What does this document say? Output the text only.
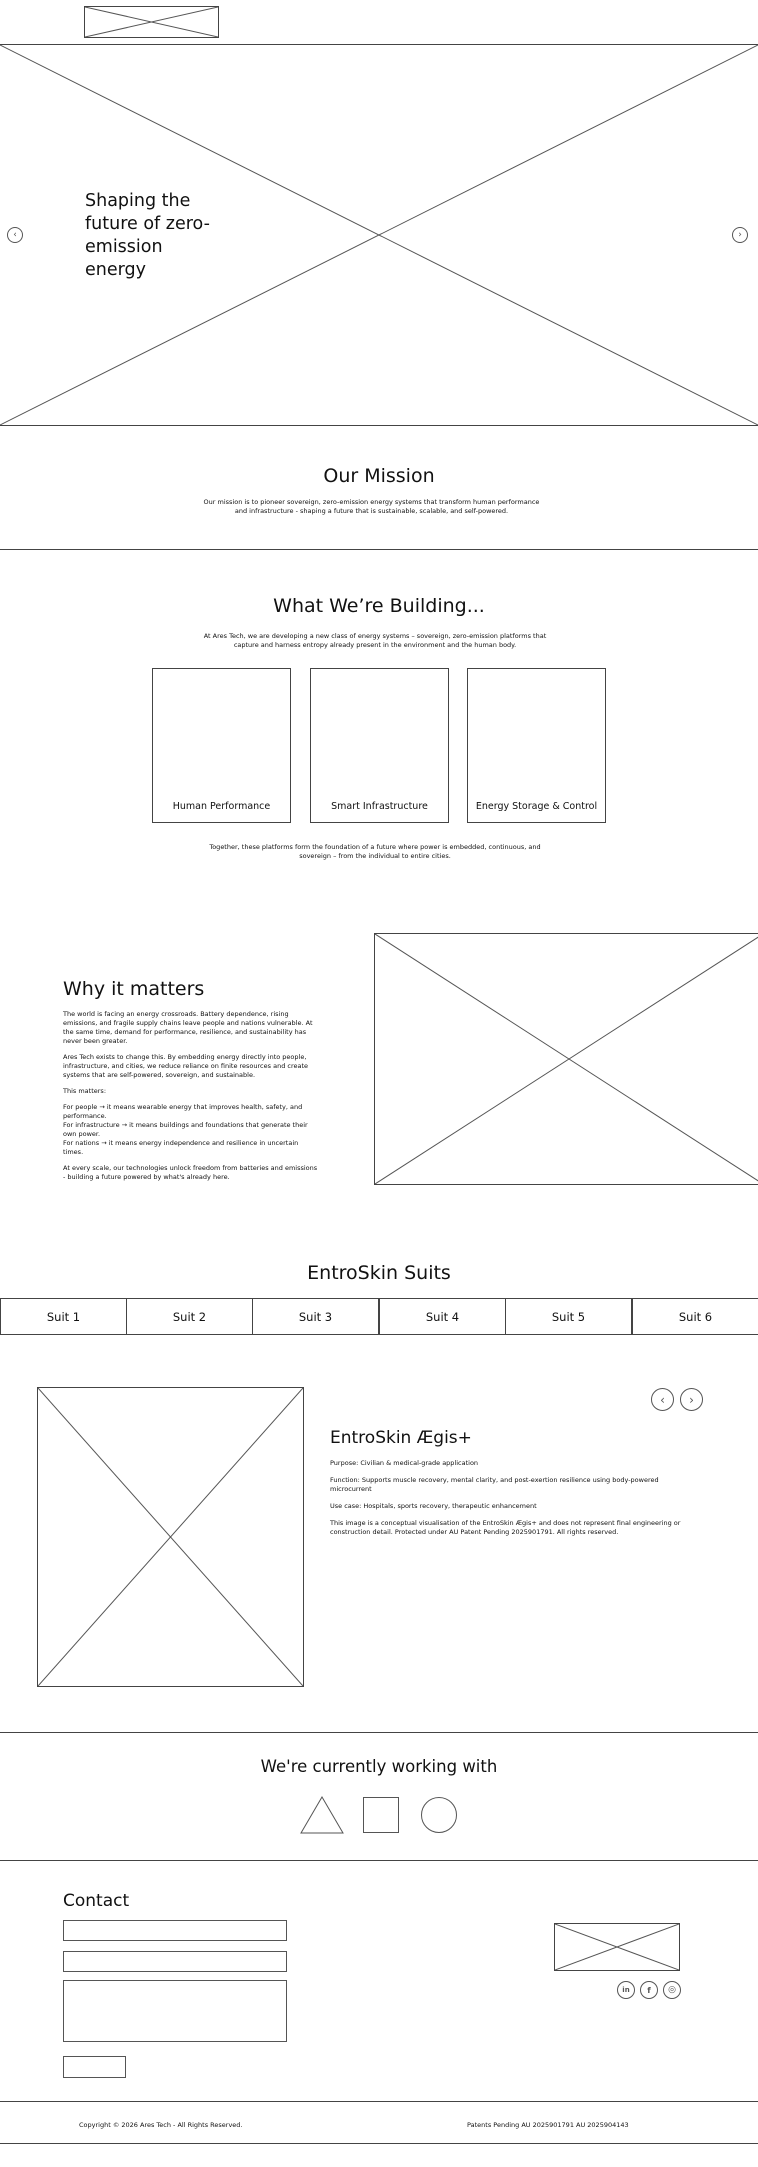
Shaping the future of zero-emission energy
‹	›
Our Mission
Our mission is to pioneer sovereign, zero-emission energy systems that transform human performance and infrastructure - shaping a future that is sustainable, scalable, and self-powered.
What We’re Building...
At Ares Tech, we are developing a new class of energy systems – sovereign, zero-emission platforms that capture and harness entropy already present in the environment and the human body.
Human Performance	Smart Infrastructure	Energy Storage & Control
Together, these platforms form the foundation of a future where power is embedded, continuous, and sovereign – from the individual to entire cities.
Why it matters
The world is facing an energy crossroads. Battery dependence, rising emissions, and fragile supply chains leave people and nations vulnerable. At the same time, demand for performance, resilience, and sustainability has never been greater.
Ares Tech exists to change this. By embedding energy directly into people, infrastructure, and cities, we reduce reliance on finite resources and create systems that are self-powered, sovereign, and sustainable.
This matters:
For people → it means wearable energy that improves health, safety, and performance.
For infrastructure → it means buildings and foundations that generate their own power.
For nations → it means energy independence and resilience in uncertain times.
At every scale, our technologies unlock freedom from batteries and emissions - building a future powered by what's already here.
EntroSkin Suits
Suit 1	Suit 2	Suit 3	Suit 4	Suit 5	Suit 6
‹	›
EntroSkin Ægis+
Purpose: Civilian & medical-grade application
Function: Supports muscle recovery, mental clarity, and post-exertion resilience using body-powered microcurrent
Use case: Hospitals, sports recovery, therapeutic enhancement
This image is a conceptual visualisation of the EntroSkin Ægis+ and does not represent final engineering or construction detail. Protected under AU Patent Pending 2025901791. All rights reserved.
We're currently working with
Contact
in	f	◎
Copyright © 2026 Ares Tech - All Rights Reserved.	Patents Pending AU 2025901791 AU 2025904143
